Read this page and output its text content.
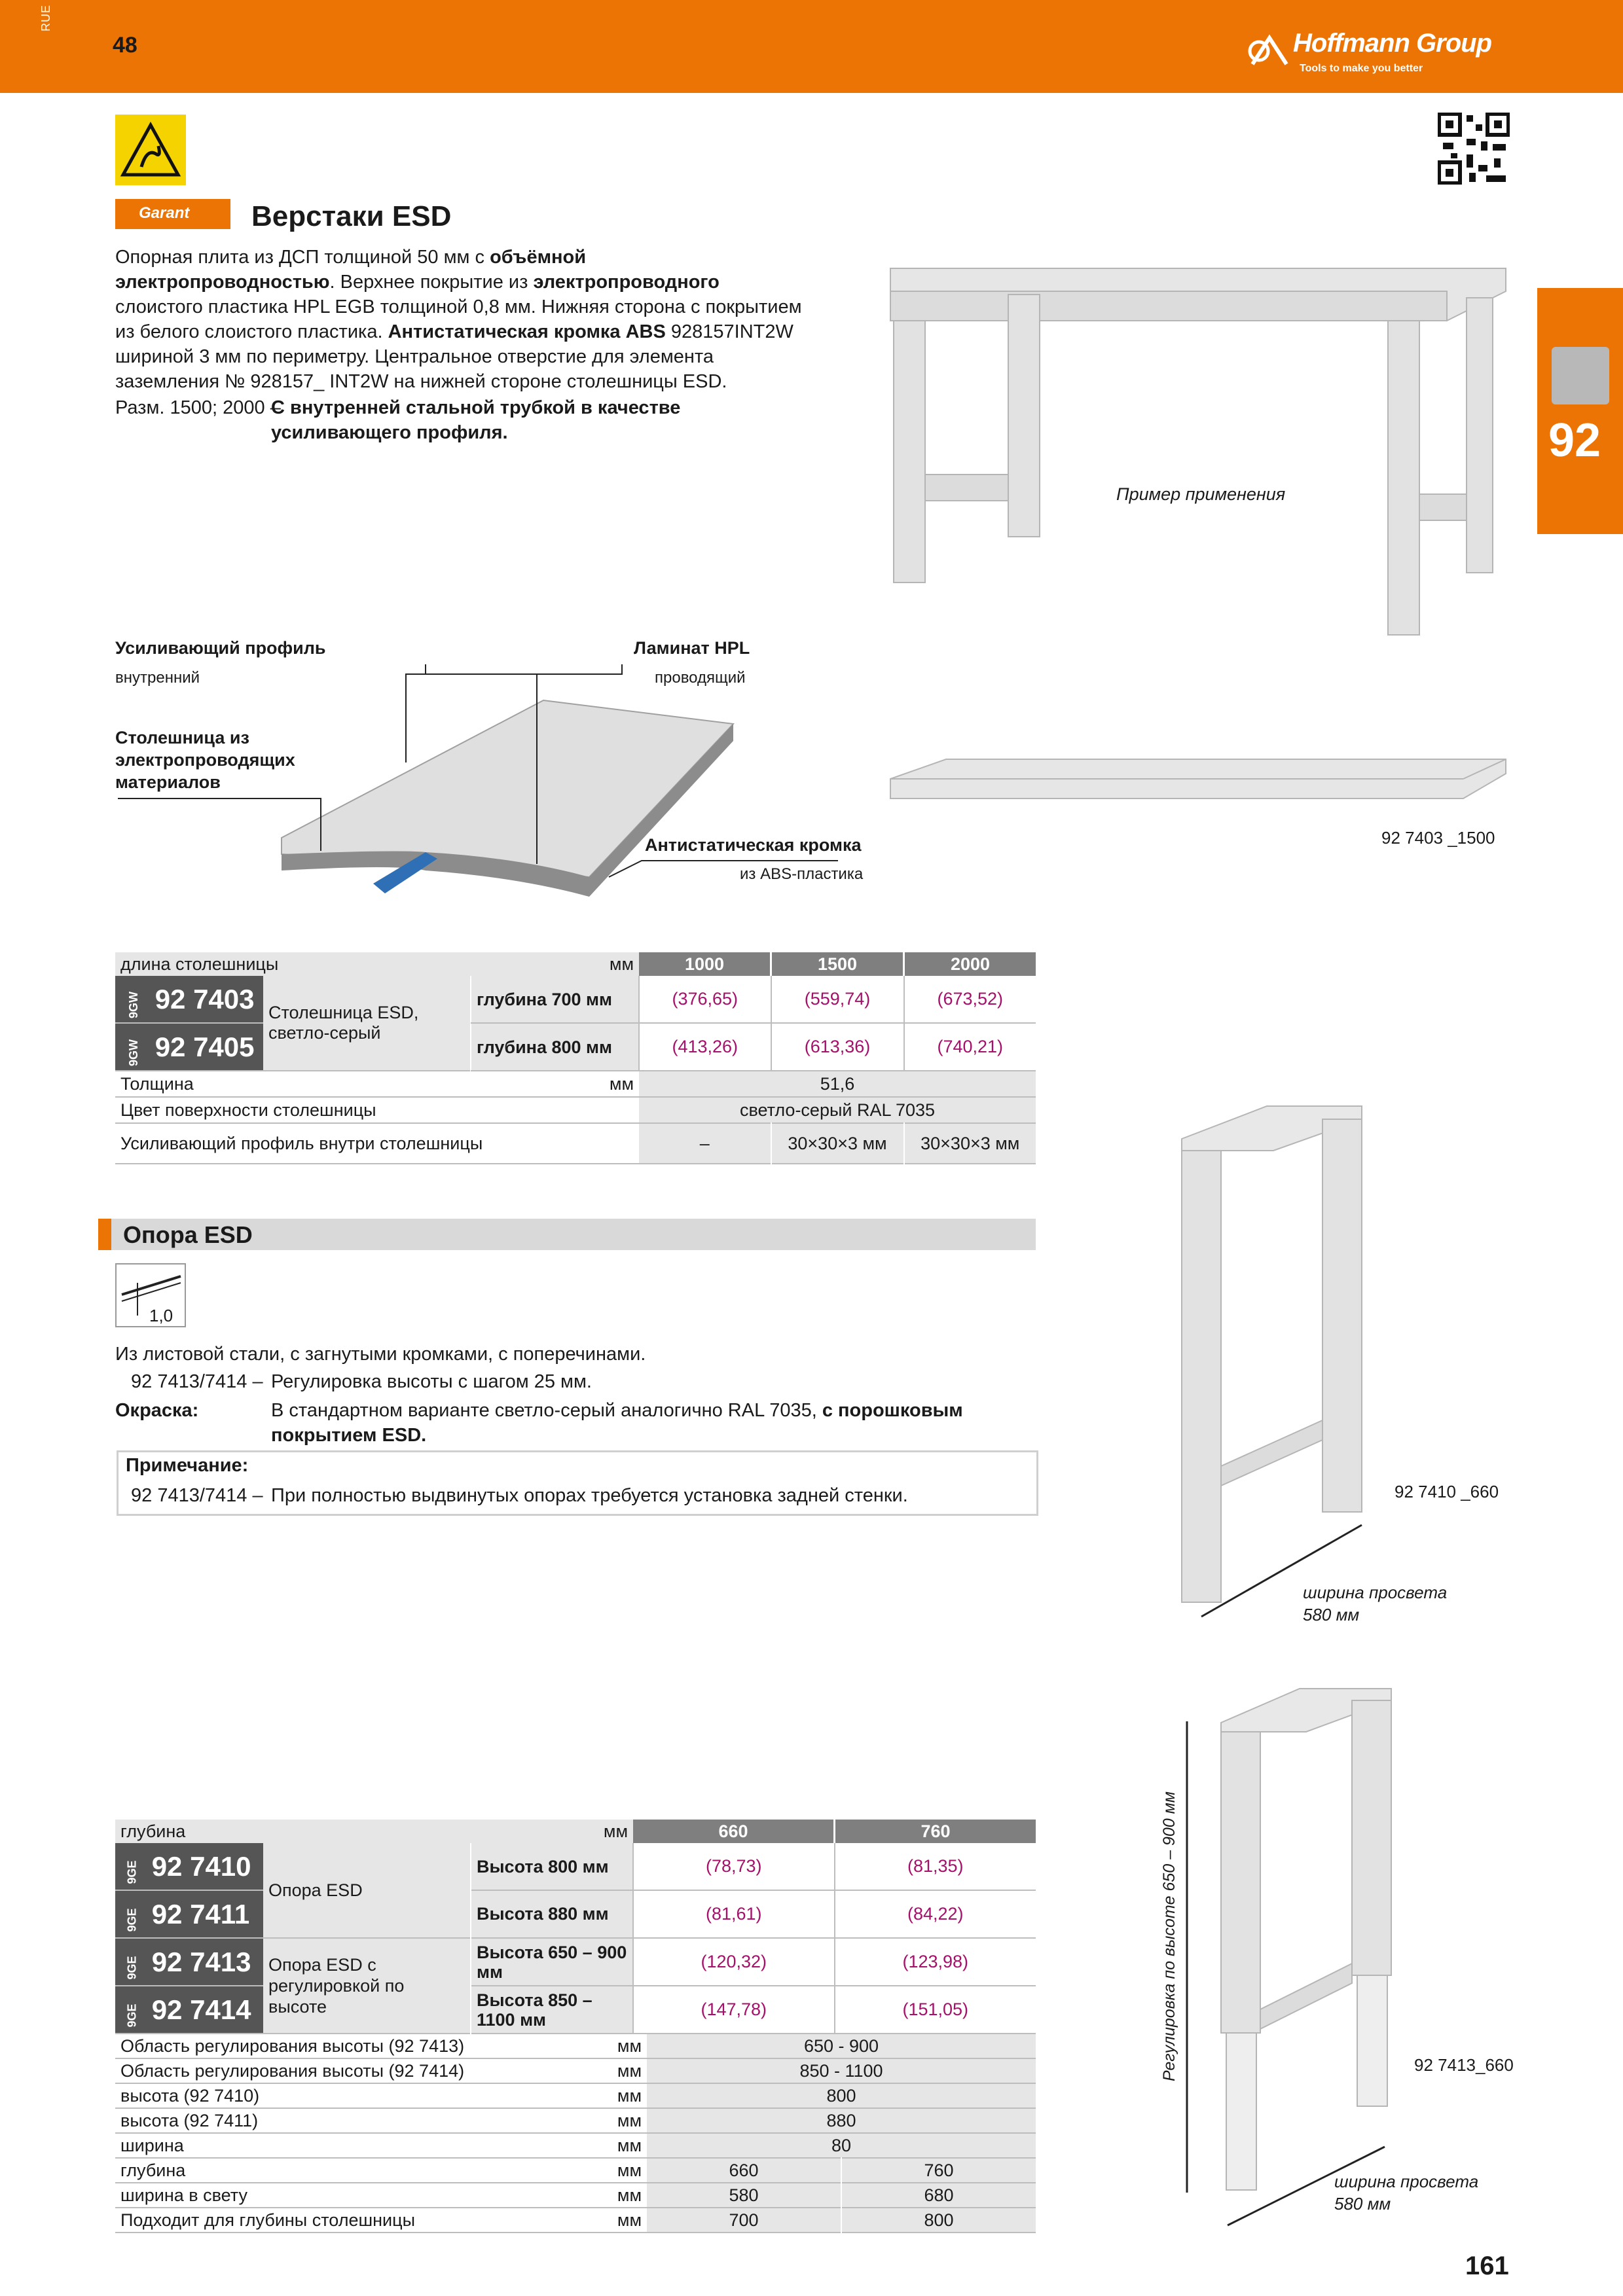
RUE
48	Hoffmann Group
Tools to make you better
92
Garant Верстаки ESD
Опорная плита из ДСП толщиной 50 мм с объёмной электропроводностью. Верхнее покрытие из электропроводного слоистого пластика HPL EGB толщиной 0,8 мм. Нижняя сторона с покрытием из белого слоистого пластика. Антистатическая кромка ABS 928157INT2W шириной 3 мм по периметру. Центральное отверстие для элемента заземления № 928157_ INT2W на нижней стороне столешницы ESD.
Разм. 1500; 2000 –
С внутренней стальной трубкой в качестве усиливающего профиля.
Пример применения
92 7403 _1500
Усиливающий профиль
внутренний
Ламинат HPL
проводящий
Столешница из электропроводящих материалов
Антистатическая кромка
из ABS-пластика
длина столешницы		мм	1000	1500	2000
9GW 92 7403	Столешница ESD, светло-серый	глубина 700 мм	(376,65)	(559,74)	(673,52)
9GW 92 7405		глубина 800 мм	(413,26)	(613,36)	(740,21)
Толщина		мм	51,6		
Цвет поверхности столешницы			светло-серый RAL 7035		
Усиливающий профиль внутри столешницы			–	30×30×3 мм	30×30×3 мм
Опора ESD
1,0
Из листовой стали, с загнутыми кромками, с поперечинами.
92 7413/7414 – Регулировка высоты с шагом 25 мм.
Окраска:	В стандартном варианте светло-серый аналогично RAL 7035, с порошковым покрытием ESD.
Примечание:
92 7413/7414 – При полностью выдвинутых опорах требуется установка задней стенки.	92 7410 _660
ширина просвета
580 мм
Регулировка по высоте 650 – 900 мм	92 7413_660
ширина просвета
580 мм
глубина		мм	660	760
9GE 92 7410	Опора ESD	Высота 800 мм	(78,73)	(81,35)
9GE 92 7411		Высота 880 мм	(81,61)	(84,22)
9GE 92 7413	Опора ESD с регулировкой по высоте	Высота 650 – 900 мм	(120,32)	(123,98)
9GE 92 7414		Высота 850 – 1100 мм	(147,78)	(151,05)
Область регулирования высоты (92 7413)	мм	650 - 900	
Область регулирования высоты (92 7414)	мм	850 - 1100	
высота (92 7410)	мм	800	
высота (92 7411)	мм	880	
ширина	мм	80	
глубина	мм	660	760
ширина в свету	мм	580	680
Подходит для глубины столешницы	мм	700	800
161
